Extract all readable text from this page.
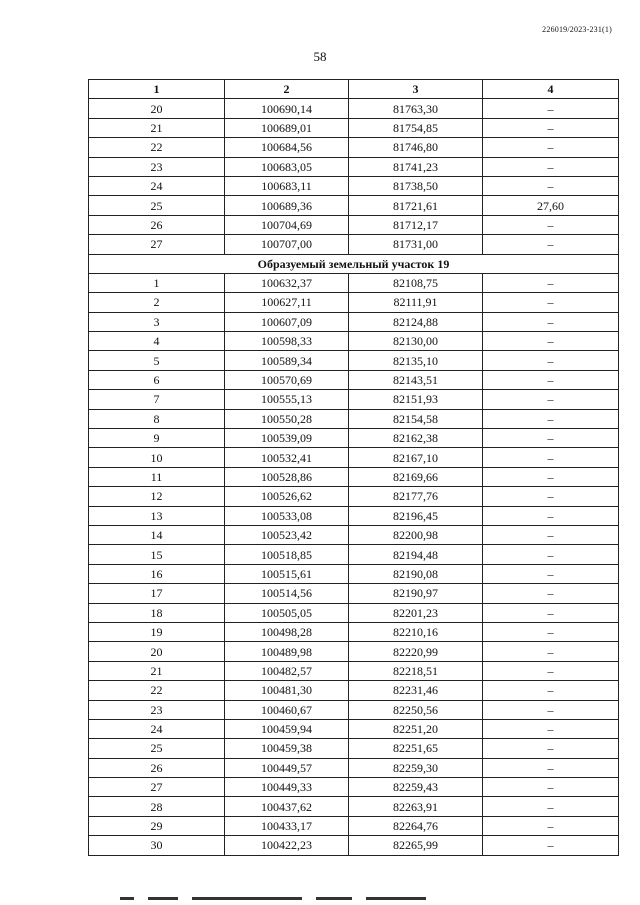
226019/2023-231(1)
58
1	2	3	4
20	100690,14	81763,30	–
21	100689,01	81754,85	–
22	100684,56	81746,80	–
23	100683,05	81741,23	–
24	100683,11	81738,50	–
25	100689,36	81721,61	27,60
26	100704,69	81712,17	–
27	100707,00	81731,00	–
Образуемый земельный участок 19			
1	100632,37	82108,75	–
2	100627,11	82111,91	–
3	100607,09	82124,88	–
4	100598,33	82130,00	–
5	100589,34	82135,10	–
6	100570,69	82143,51	–
7	100555,13	82151,93	–
8	100550,28	82154,58	–
9	100539,09	82162,38	–
10	100532,41	82167,10	–
11	100528,86	82169,66	–
12	100526,62	82177,76	–
13	100533,08	82196,45	–
14	100523,42	82200,98	–
15	100518,85	82194,48	–
16	100515,61	82190,08	–
17	100514,56	82190,97	–
18	100505,05	82201,23	–
19	100498,28	82210,16	–
20	100489,98	82220,99	–
21	100482,57	82218,51	–
22	100481,30	82231,46	–
23	100460,67	82250,56	–
24	100459,94	82251,20	–
25	100459,38	82251,65	–
26	100449,57	82259,30	–
27	100449,33	82259,43	–
28	100437,62	82263,91	–
29	100433,17	82264,76	–
30	100422,23	82265,99	–
